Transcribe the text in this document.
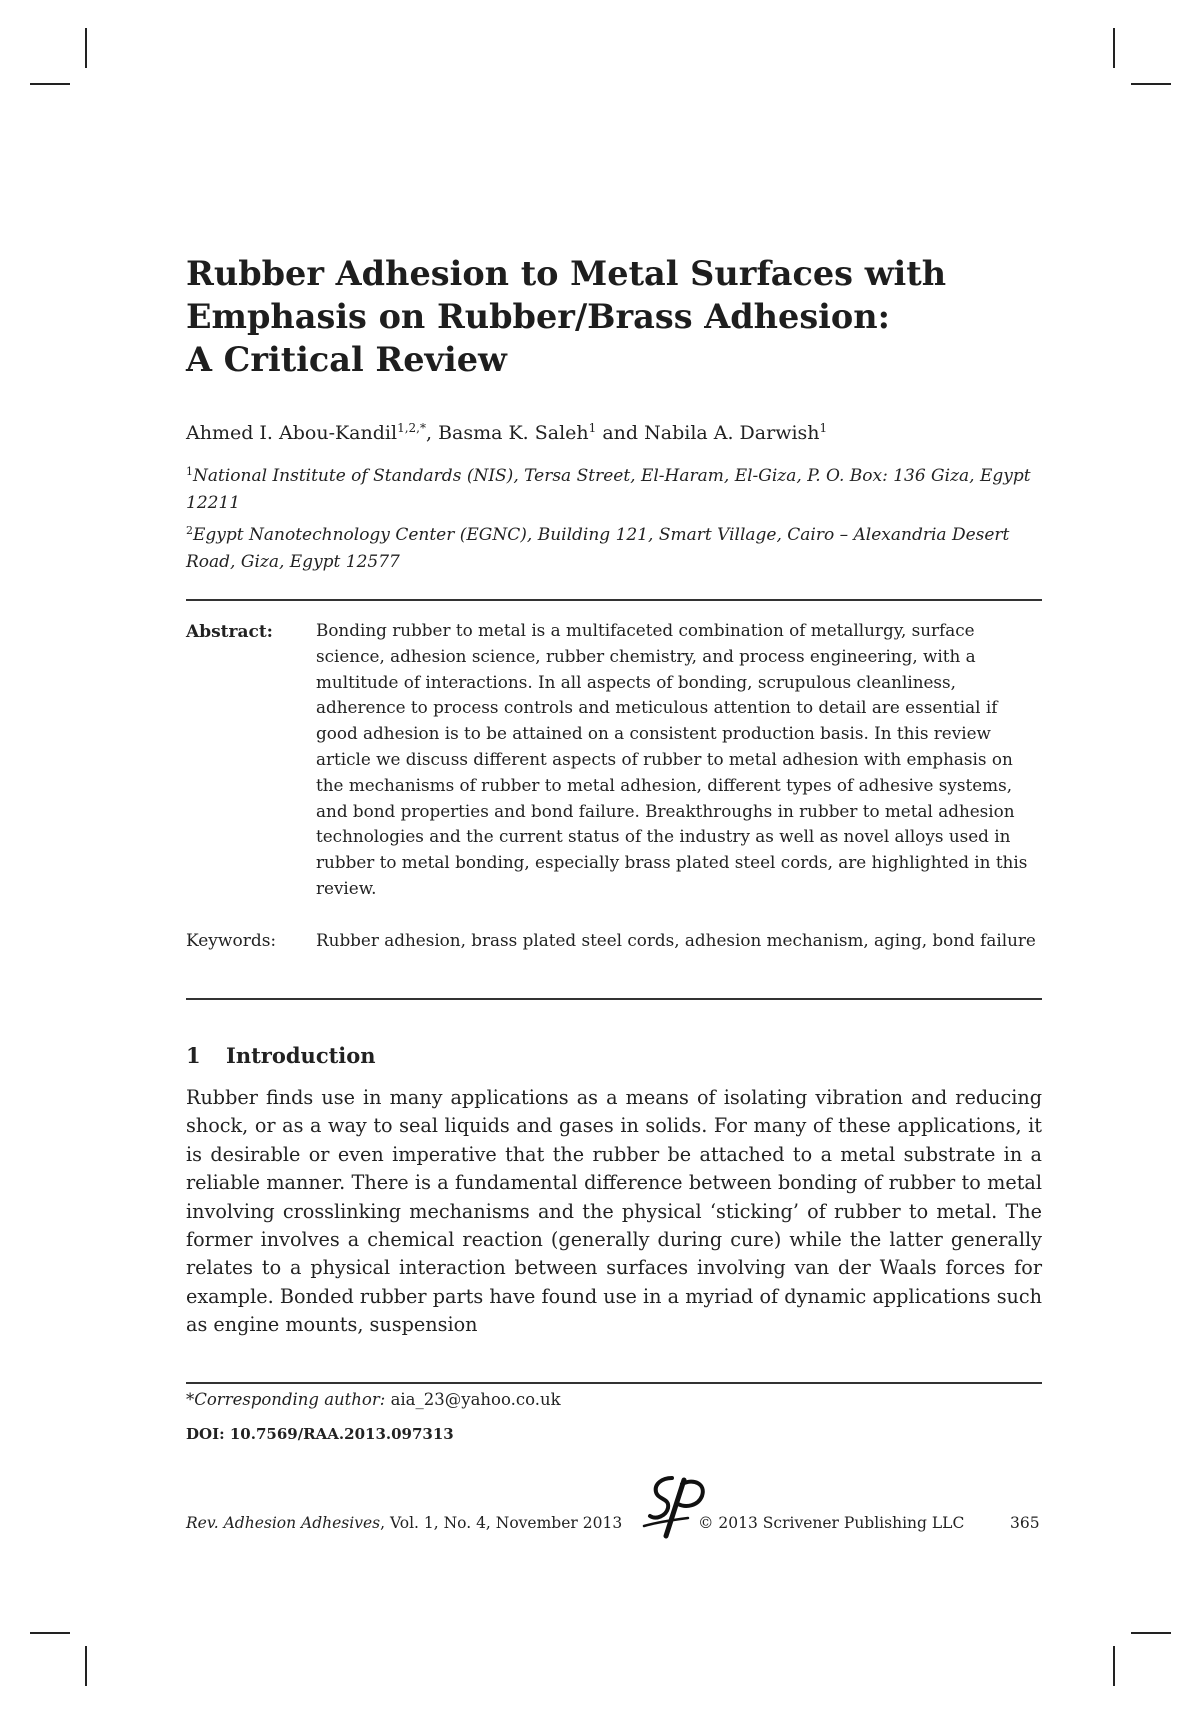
Rubber Adhesion to Metal Surfaces with
Emphasis on Rubber/Brass Adhesion:
A Critical Review
Ahmed I. Abou-Kandil$^{1,2,*}$, Basma K. Saleh$^1$ and Nabila A. Darwish$^1$
$^1$National Institute of Standards (NIS), Tersa Street, El-Haram, El-Giza, P. O. Box: 136 Giza, Egypt 12211
$^2$Egypt Nanotechnology Center (EGNC), Building 121, Smart Village, Cairo – Alexandria Desert Road, Giza, Egypt 12577
Abstract:	Bonding rubber to metal is a multifaceted combination of metallurgy, surface science, adhesion science, rubber chemistry, and process engineering, with a multitude of interactions. In all aspects of bonding, scrupulous cleanliness, adherence to process controls and meticulous attention to detail are essential if good adhesion is to be attained on a consistent production basis. In this review article we discuss different aspects of rubber to metal adhesion with emphasis on the mechanisms of rubber to metal adhesion, different types of adhesive systems, and bond properties and bond failure. Breakthroughs in rubber to metal adhesion technologies and the current status of the industry as well as novel alloys used in rubber to metal bonding, especially brass plated steel cords, are highlighted in this review.
Keywords: Rubber adhesion, brass plated steel cords, adhesion mechanism, aging, bond failure
1 Introduction
Rubber finds use in many applications as a means of isolating vibration and reducing shock, or as a way to seal liquids and gases in solids. For many of these applications, it is desirable or even imperative that the rubber be attached to a metal substrate in a reliable manner. There is a fundamental difference between bonding of rubber to metal involving crosslinking mechanisms and the physical ‘sticking’ of rubber to metal. The former involves a chemical reaction (generally during cure) while the latter generally relates to a physical interaction between surfaces involving van der Waals forces for example. Bonded rubber parts have found use in a myriad of dynamic applications such as engine mounts, suspension
*Corresponding author: aia_23@yahoo.co.uk
DOI: 10.7569/RAA.2013.097313
Rev. Adhesion Adhesives, Vol. 1, No. 4, November 2013	© 2013 Scrivener Publishing LLC	365
